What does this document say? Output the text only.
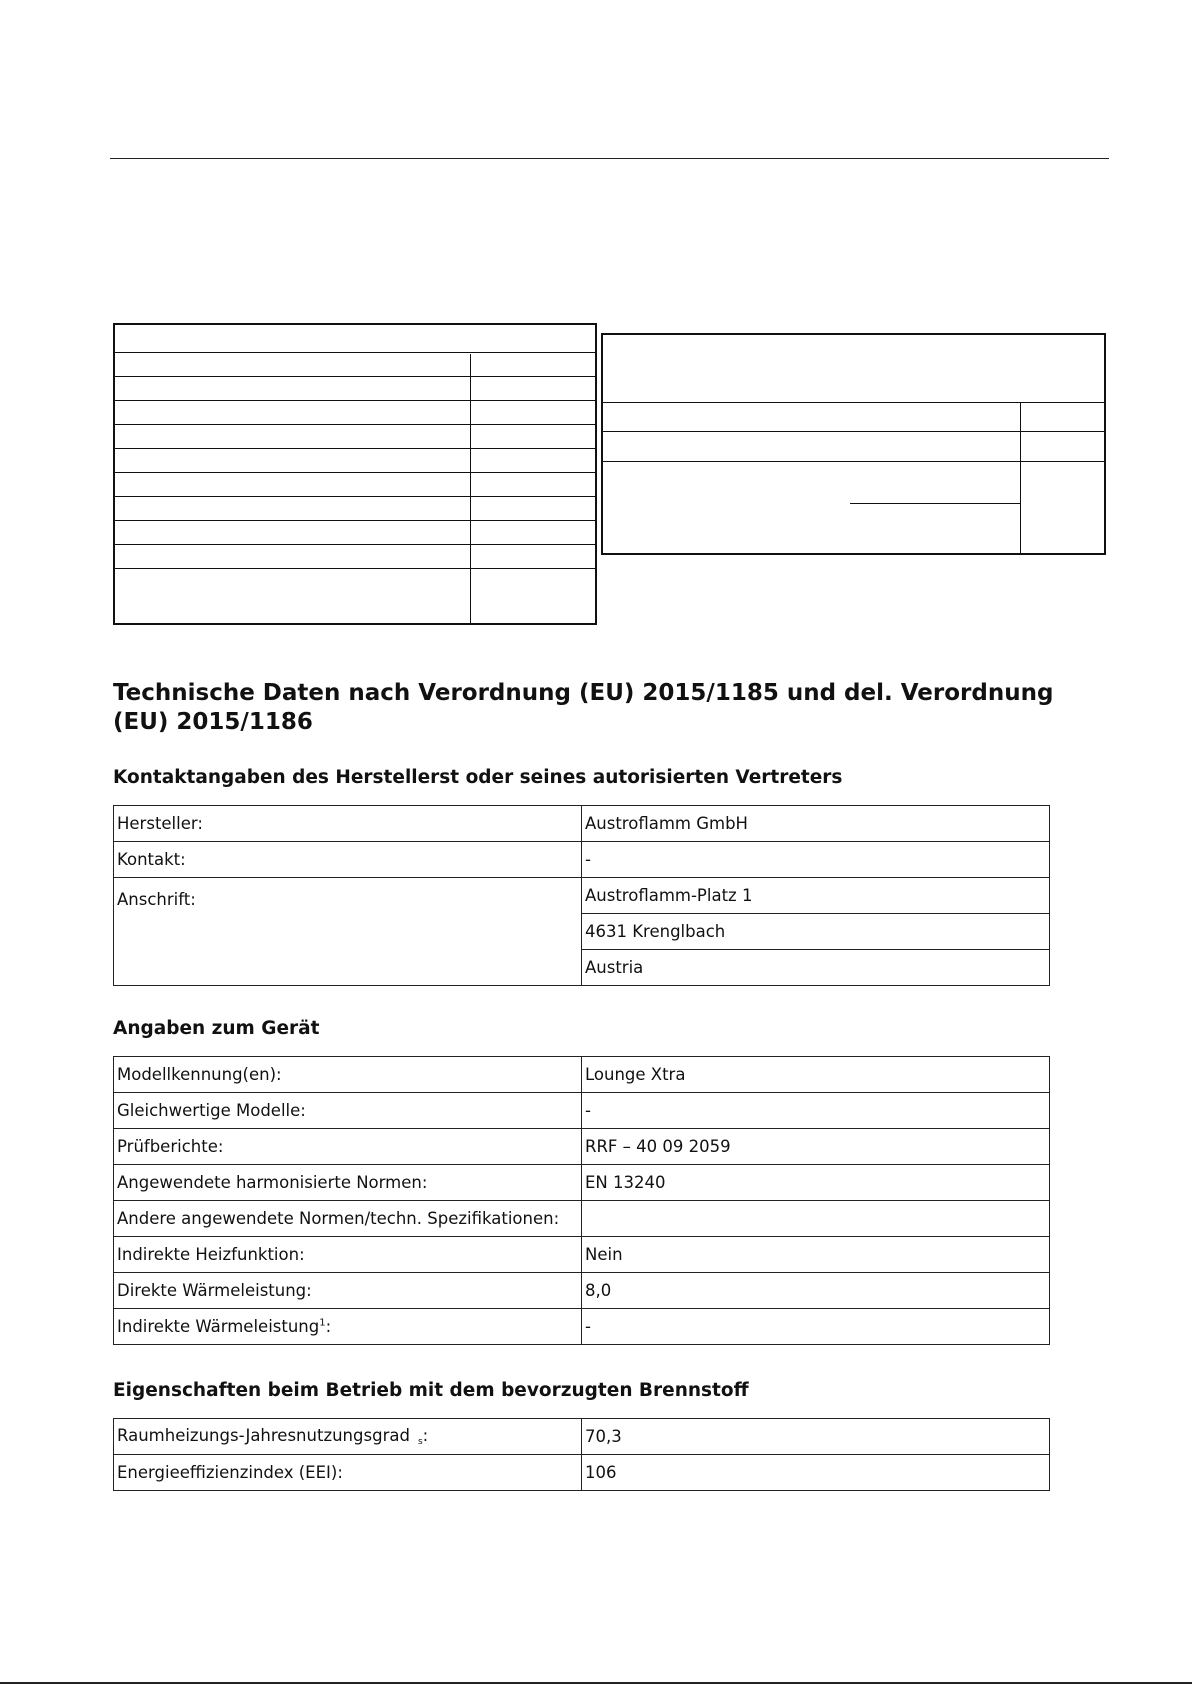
Technische Daten nach Verordnung (EU) 2015/1185 und del. Verordnung (EU) 2015/1186
Kontaktangaben des Herstellerst oder seines autorisierten Vertreters
Hersteller:	Austroflamm GmbH
Kontakt:	-
Anschrift:	Austroflamm-Platz 1
	4631 Krenglbach
	Austria
Angaben zum Gerät
Modellkennung(en):	Lounge Xtra
Gleichwertige Modelle:	-
Prüfberichte:	RRF – 40 09 2059
Angewendete harmonisierte Normen:	EN 13240
Andere angewendete Normen/techn. Spezifikationen:	
Indirekte Heizfunktion:	Nein
Direkte Wärmeleistung:	8,0
Indirekte Wärmeleistung$^1$:	-
Eigenschaften beim Betrieb mit dem bevorzugten Brennstoff
Raumheizungs-Jahresnutzungsgrad $_s$:	70,3
Energieeffizienzindex (EEI):	106
